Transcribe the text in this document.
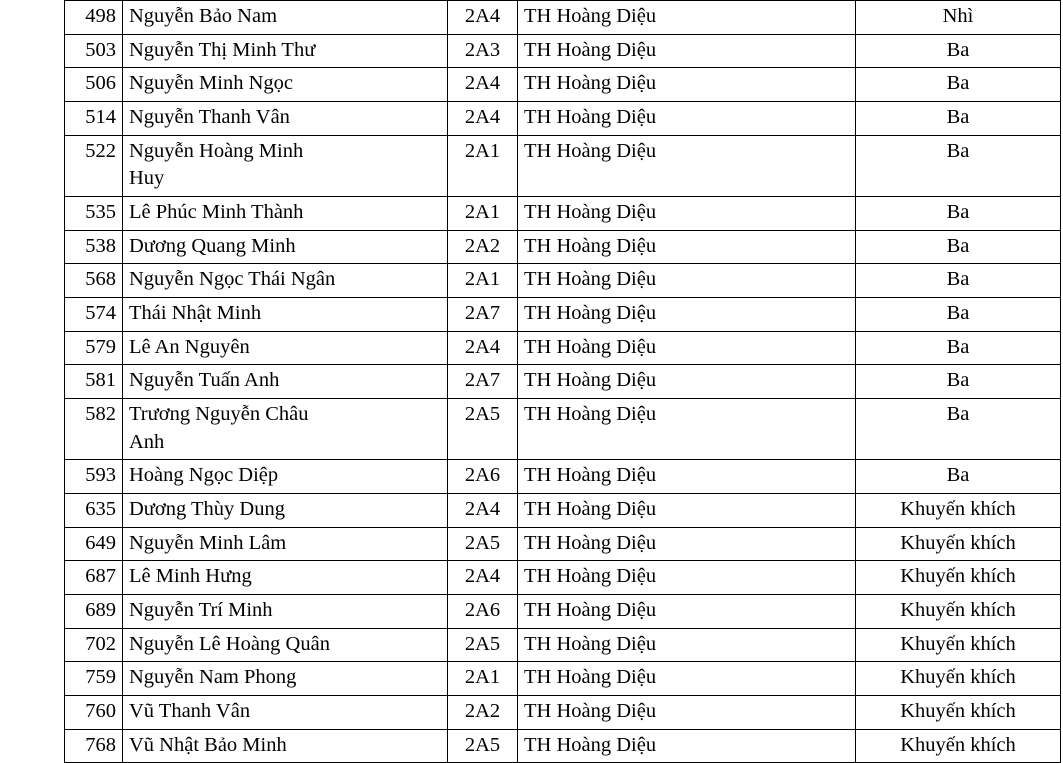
498	Nguyễn Bảo Nam	2A4	TH Hoàng Diệu	Nhì
503	Nguyễn Thị Minh Thư	2A3	TH Hoàng Diệu	Ba
506	Nguyễn Minh Ngọc	2A4	TH Hoàng Diệu	Ba
514	Nguyễn Thanh Vân	2A4	TH Hoàng Diệu	Ba
522	Nguyễn Hoàng Minh Huy	2A1	TH Hoàng Diệu	Ba
535	Lê Phúc Minh Thành	2A1	TH Hoàng Diệu	Ba
538	Dương Quang Minh	2A2	TH Hoàng Diệu	Ba
568	Nguyễn Ngọc Thái Ngân	2A1	TH Hoàng Diệu	Ba
574	Thái Nhật Minh	2A7	TH Hoàng Diệu	Ba
579	Lê An Nguyên	2A4	TH Hoàng Diệu	Ba
581	Nguyễn Tuấn Anh	2A7	TH Hoàng Diệu	Ba
582	Trương Nguyễn Châu Anh	2A5	TH Hoàng Diệu	Ba
593	Hoàng Ngọc Diệp	2A6	TH Hoàng Diệu	Ba
635	Dương Thùy Dung	2A4	TH Hoàng Diệu	Khuyến khích
649	Nguyễn Minh Lâm	2A5	TH Hoàng Diệu	Khuyến khích
687	Lê Minh Hưng	2A4	TH Hoàng Diệu	Khuyến khích
689	Nguyễn Trí Minh	2A6	TH Hoàng Diệu	Khuyến khích
702	Nguyễn Lê Hoàng Quân	2A5	TH Hoàng Diệu	Khuyến khích
759	Nguyễn Nam Phong	2A1	TH Hoàng Diệu	Khuyến khích
760	Vũ Thanh Vân	2A2	TH Hoàng Diệu	Khuyến khích
768	Vũ Nhật Bảo Minh	2A5	TH Hoàng Diệu	Khuyến khích
